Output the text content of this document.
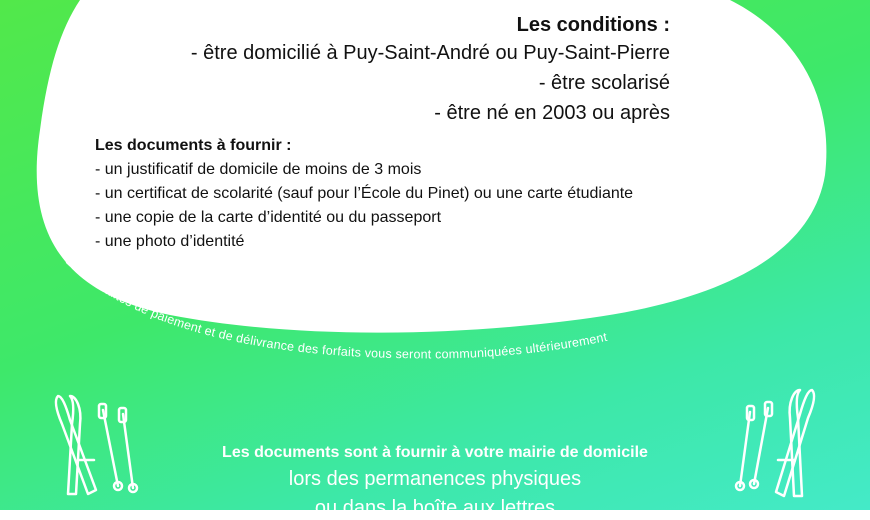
Les conditions :
- être domicilié à Puy-Saint-André ou Puy-Saint-Pierre
- être scolarisé
- être né en 2003 ou après
Les documents à fournir :
- un justificatif de domicile de moins de 3 mois
- un certificat de scolarité (sauf pour l’École du Pinet) ou une carte étudiante
- une copie de la carte d’identité ou du passeport
- une photo d’identité
Les modalités de paiement et de délivrance des forfaits vous seront communiquées ultérieurement
Les documents sont à fournir à votre mairie de domicile
lors des permanences physiques
ou dans la boîte aux lettres
